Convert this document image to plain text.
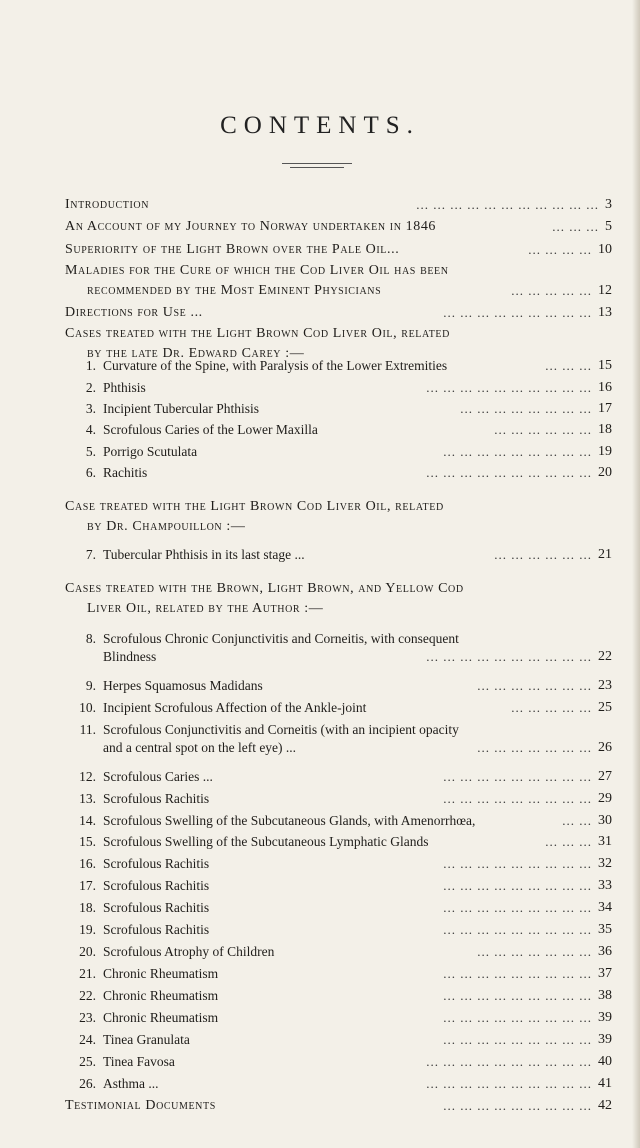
CONTENTS.
Introduction	3
... ... ... ... ... ... ... ... ... ... ...
An Account of my Journey to Norway undertaken in 1846	5
... ... ...
Superiority of the Light Brown over the Pale Oil...	10
... ... ... ...
Maladies for the Cure of which the Cod Liver Oil has been
recommended by the Most Eminent Physicians	12
... ... ... ... ...
Directions for Use ...	13
... ... ... ... ... ... ... ... ...
Cases treated with the Light Brown Cod Liver Oil, related
by the late Dr. Edward Carey :—
1. Curvature of the Spine, with Paralysis of the Lower Extremities	15
... ... ...
2. Phthisis	16
... ... ... ... ... ... ... ... ... ...
3. Incipient Tubercular Phthisis	17
... ... ... ... ... ... ... ...
4. Scrofulous Caries of the Lower Maxilla	18
... ... ... ... ... ...
5. Porrigo Scutulata	19
... ... ... ... ... ... ... ... ...
6. Rachitis	20
... ... ... ... ... ... ... ... ... ...
Case treated with the Light Brown Cod Liver Oil, related
by Dr. Champouillon :—
7. Tubercular Phthisis in its last stage ...	21
... ... ... ... ... ...
Cases treated with the Brown, Light Brown, and Yellow Cod
Liver Oil, related by the Author :—
8. Scrofulous Chronic Conjunctivitis and Corneitis, with consequent
Blindness	22
... ... ... ... ... ... ... ... ... ...
9. Herpes Squamosus Madidans	23
... ... ... ... ... ... ...
10. Incipient Scrofulous Affection of the Ankle-joint	25
... ... ... ... ...
11. Scrofulous Conjunctivitis and Corneitis (with an incipient opacity
and a central spot on the left eye) ...	26
... ... ... ... ... ... ...
12. Scrofulous Caries ...	27
... ... ... ... ... ... ... ... ...
13. Scrofulous Rachitis	29
... ... ... ... ... ... ... ... ...
14. Scrofulous Swelling of the Subcutaneous Glands, with Amenorrhœa,	30
... ...
15. Scrofulous Swelling of the Subcutaneous Lymphatic Glands	31
... ... ...
16. Scrofulous Rachitis	32
... ... ... ... ... ... ... ... ...
17. Scrofulous Rachitis	33
... ... ... ... ... ... ... ... ...
18. Scrofulous Rachitis	34
... ... ... ... ... ... ... ... ...
19. Scrofulous Rachitis	35
... ... ... ... ... ... ... ... ...
20. Scrofulous Atrophy of Children	36
... ... ... ... ... ... ...
21. Chronic Rheumatism	37
... ... ... ... ... ... ... ... ...
22. Chronic Rheumatism	38
... ... ... ... ... ... ... ... ...
23. Chronic Rheumatism	39
... ... ... ... ... ... ... ... ...
24. Tinea Granulata	39
... ... ... ... ... ... ... ... ...
25. Tinea Favosa	40
... ... ... ... ... ... ... ... ... ...
26. Asthma ...	41
... ... ... ... ... ... ... ... ... ...
Testimonial Documents	42
... ... ... ... ... ... ... ... ...
